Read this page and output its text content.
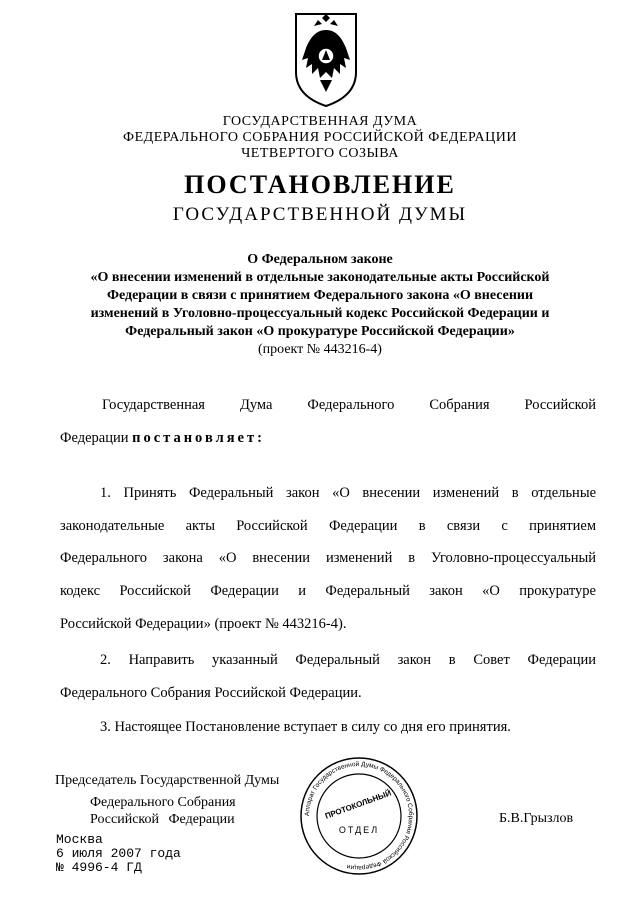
ГОСУДАРСТВЕННАЯ ДУМА
ФЕДЕРАЛЬНОГО СОБРАНИЯ РОССИЙСКОЙ ФЕДЕРАЦИИ
ЧЕТВЕРТОГО СОЗЫВА
ПОСТАНОВЛЕНИЕ
ГОСУДАРСТВЕННОЙ ДУМЫ
О Федеральном законе
«О внесении изменений в отдельные законодательные акты Российской
Федерации в связи с принятием Федерального закона «О внесении
изменений в Уголовно-процессуальный кодекс Российской Федерации и
Федеральный закон «О прокуратуре Российской Федерации»
(проект № 443216-4)
Государственная Дума Федерального Собрания Российской
Федерации постановляет:
1. Принять Федеральный закон «О внесении изменений в отдельные
законодательные акты Российской Федерации в связи с принятием
Федерального закона «О внесении изменений в Уголовно-процессуальный
кодекс Российской Федерации и Федеральный закон «О прокуратуре
Российской Федерации» (проект № 443216-4).
2. Направить указанный Федеральный закон в Совет Федерации
Федерального Собрания Российской Федерации.
3. Настоящее Постановление вступает в силу со дня его принятия.
Председатель Государственной Думы
Федерального Собрания
Российской Федерации	Б.В.Грызлов
Аппарат Государственной Думы Федерального Собрания Российской Федерации
ПРОТОКОЛЬНЫЙ
ОТДЕЛ
Москва
6 июля 2007 года
№ 4996-4 ГД
